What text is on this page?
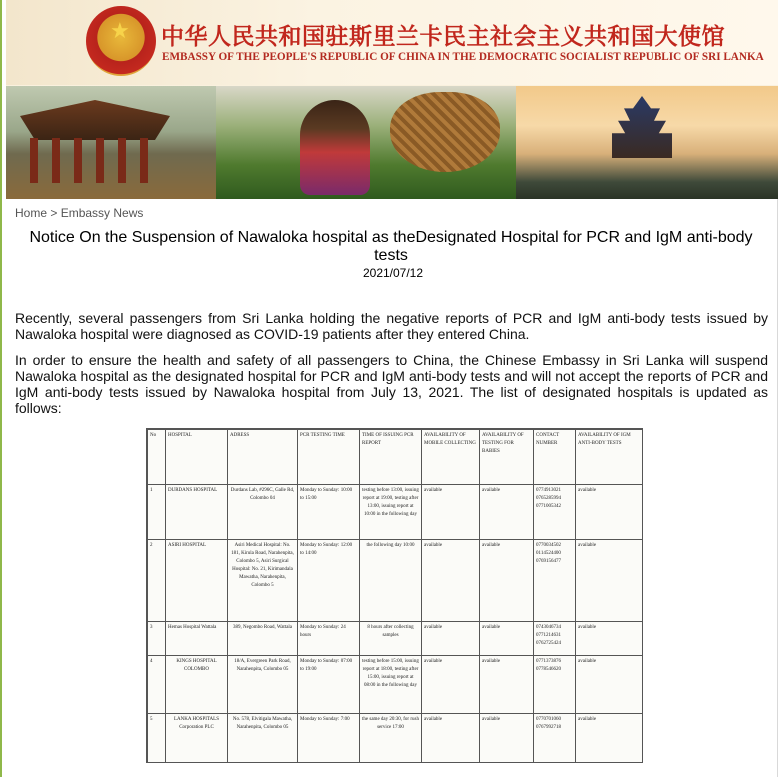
★ 中华人民共和国驻斯里兰卡民主社会主义共和国大使馆
EMBASSY OF THE PEOPLE'S REPUBLIC OF CHINA IN THE DEMOCRATIC SOCIALIST REPUBLIC OF SRI LANKA
Home > Embassy News
Notice On the Suspension of Nawaloka hospital as theDesignated Hospital for PCR and IgM anti-body tests
2021/07/12

Recently, several passengers from Sri Lanka holding the negative reports of PCR and IgM anti-body tests issued by Nawaloka hospital were diagnosed as COVID-19 patients after they entered China.

In order to ensure the health and safety of all passengers to China, the Chinese Embassy in Sri Lanka will suspend Nawaloka hospital as the designated hospital for PCR and IgM anti-body tests and will not accept the reports of PCR and IgM anti-body tests issued by Nawaloka hospital from July 13, 2021. The list of designated hospitals is updated as follows:

No	HOSPITAL	ADRESS	PCR TESTING TIME	TIME OF ISSUING PCR REPORT	AVAILABILITY OF MOBILE COLLECTING	AVAILABILITY OF TESTING FOR BABIES	CONTACT NUMBER	AVAILABILITY OF IGM ANTI-BODY TESTS
1	DURDANS HOSPITAL	Durdans Lab, #296C, Galle Rd, Colombo 04	Monday to Sunday: 10:00 to 15:00	testing before 13:00, issuing report at 19:00, testing after 13:00, issuing report at 10:00 in the following day	available	available	0774913021 0765285994 0771005342	available
2	ASIRI HOSPITAL	Asiri Medical Hospital: No. 181, Kirula Road, Narahenpita, Colombo 5, Asiri Surgical Hospital: No. 21, Kirimandala Mawatha, Narahenpita, Colombo 5	Monday to Sunday: 12:00 to 14:00	the following day 10:00	available	available	0770034502 0114524400 0769156477	available
3	Hemas Hospital Wattala	389, Negombo Road, Wattala	Monday to Sunday: 24 hours	8 hours after collecting samples	available	available	0743046734 0771214631 0762725424	available
4	KINGS HOSPITAL COLOMBO	18/A, Evergreen Park Road, Narahenpita, Colombo 05	Monday to Sunday: 07:00 to 19:00	testing before 15:00, issuing report at 18:00, testing after 15:00, issuing report at 08:00 in the following day	available	available	0771373876 0778546620	available
5	LANKA HOSPITALS Corporation PLC	No. 578, Elvitigala Mawatha, Narahenpita, Colombo 05	Monday to Sunday: 7:00	the same day 20:30, for rush service 17:00	available	available	0770701060 0767992718	available
